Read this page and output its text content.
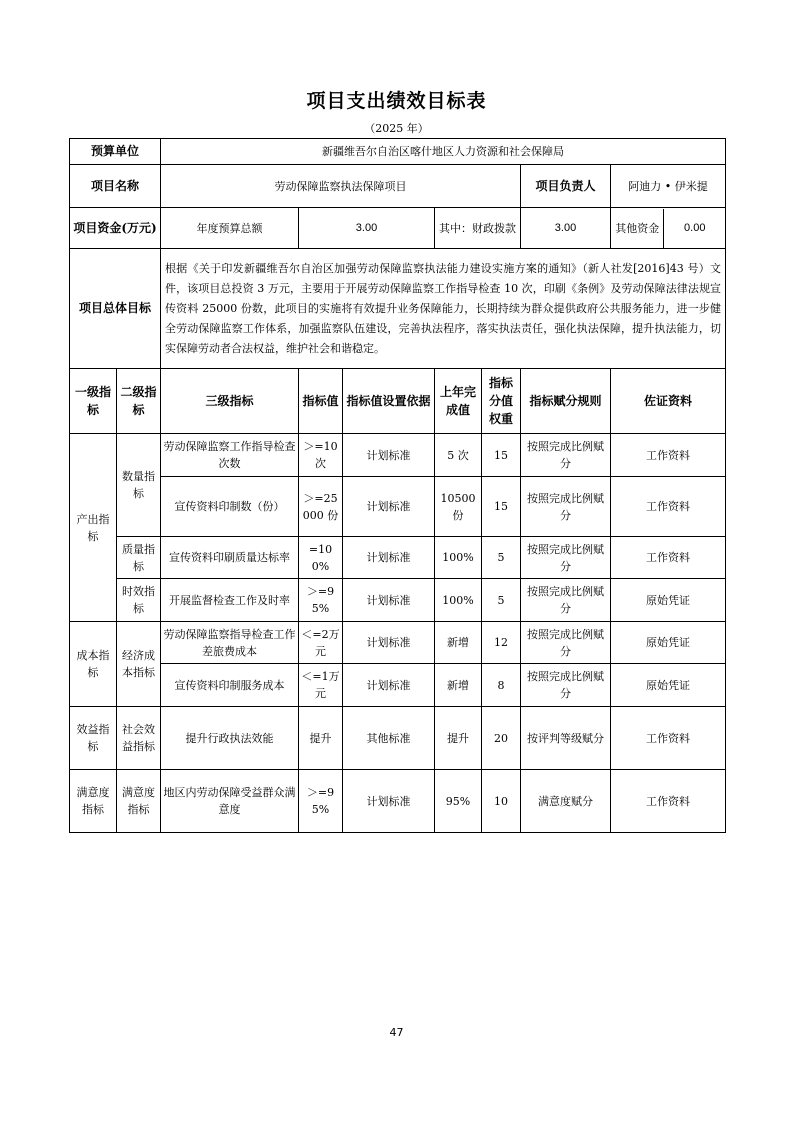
项目支出绩效目标表
（2025 年）
预算单位		新疆维吾尔自治区喀什地区人力资源和社会保障局						
项目名称		劳动保障监察执法保障项目					项目负责人	阿迪力 • 伊米提
项目资金(万元)		年度预算总额	3.00		其中：财政拨款		3.00	其他资金 0.00

项目总体目标		根据《关于印发新疆维吾尔自治区加强劳动保障监察执法能力建设实施方案的通知》（新人社发[2016]43 号）文件，该项目总投资 3 万元，主要用于开展劳动保障监察工作指导检查 10 次，印刷《条例》及劳动保障法律法规宣传资料 25000 份数，此项目的实施将有效提升业务保障能力，长期持续为群众提供政府公共服务能力，进一步健全劳动保障监察工作体系，加强监察队伍建设，完善执法程序，落实执法责任，强化执法保障，提升执法能力，切实保障劳动者合法权益，维护社会和谐稳定。						
一级指标	二级指标	三级指标	指标值	指标值设置依据	上年完成值	指标分值权重	指标赋分规则	佐证资料
产出指标	数量指标	劳动保障监察工作指导检查次数	＞=10次	计划标准	5 次	15	按照完成比例赋分	工作资料
		宣传资料印制数（份）	＞=25000 份	计划标准	10500份	15	按照完成比例赋分	工作资料
	质量指标	宣传资料印刷质量达标率	=100%	计划标准	100%	5	按照完成比例赋分	工作资料
	时效指标	开展监督检查工作及时率	＞=95%	计划标准	100%	5	按照完成比例赋分	原始凭证
成本指标	经济成本指标	劳动保障监察指导检查工作差旅费成本	＜=2万元	计划标准	新增	12	按照完成比例赋分	原始凭证
		宣传资料印制服务成本	＜=1万元	计划标准	新增	8	按照完成比例赋分	原始凭证
效益指标	社会效益指标	提升行政执法效能	提升	其他标准	提升	20	按评判等级赋分	工作资料
满意度指标	满意度指标	地区内劳动保障受益群众满意度	＞=95%	计划标准	95%	10	满意度赋分	工作资料
47
